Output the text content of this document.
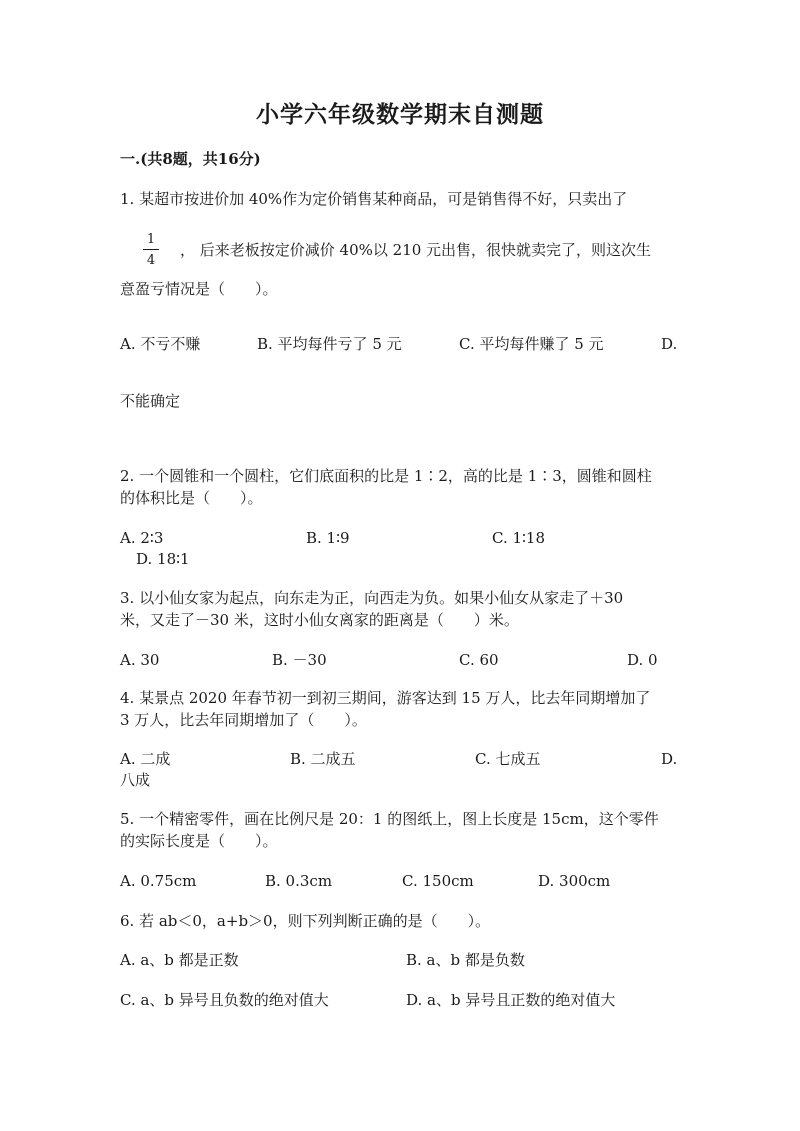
小学六年级数学期末自测题
一.(共8题，共16分)
1. 某超市按进价加 40%作为定价销售某种商品，可是销售得不好，只卖出了
1
4
， 后来老板按定价减价 40%以 210 元出售，很快就卖完了，则这次生
意盈亏情况是（　　）。
A. 不亏不赚	B. 平均每件亏了 5 元	C. 平均每件赚了 5 元	D.
不能确定
2. 一个圆锥和一个圆柱，它们底面积的比是 1∶2，高的比是 1∶3，圆锥和圆柱
的体积比是（　　）。
A. 2∶3	B. 1∶9	C. 1∶18
D. 18∶1
3. 以小仙女家为起点，向东走为正，向西走为负。如果小仙女从家走了＋30
米，又走了－30 米，这时小仙女离家的距离是（　　）米。
A. 30	B. －30	C. 60	D. 0
4. 某景点 2020 年春节初一到初三期间，游客达到 15 万人，比去年同期增加了
3 万人，比去年同期增加了（　　）。
A. 二成	B. 二成五	C. 七成五	D.
八成
5. 一个精密零件，画在比例尺是 20：1 的图纸上，图上长度是 15cm，这个零件
的实际长度是（　　）。
A. 0.75cm	B. 0.3cm	C. 150cm	D. 300cm
6. 若 ab＜0，a+b＞0，则下列判断正确的是（　　）。
A. a、b 都是正数	B. a、b 都是负数
C. a、b 异号且负数的绝对值大	D. a、b 异号且正数的绝对值大
